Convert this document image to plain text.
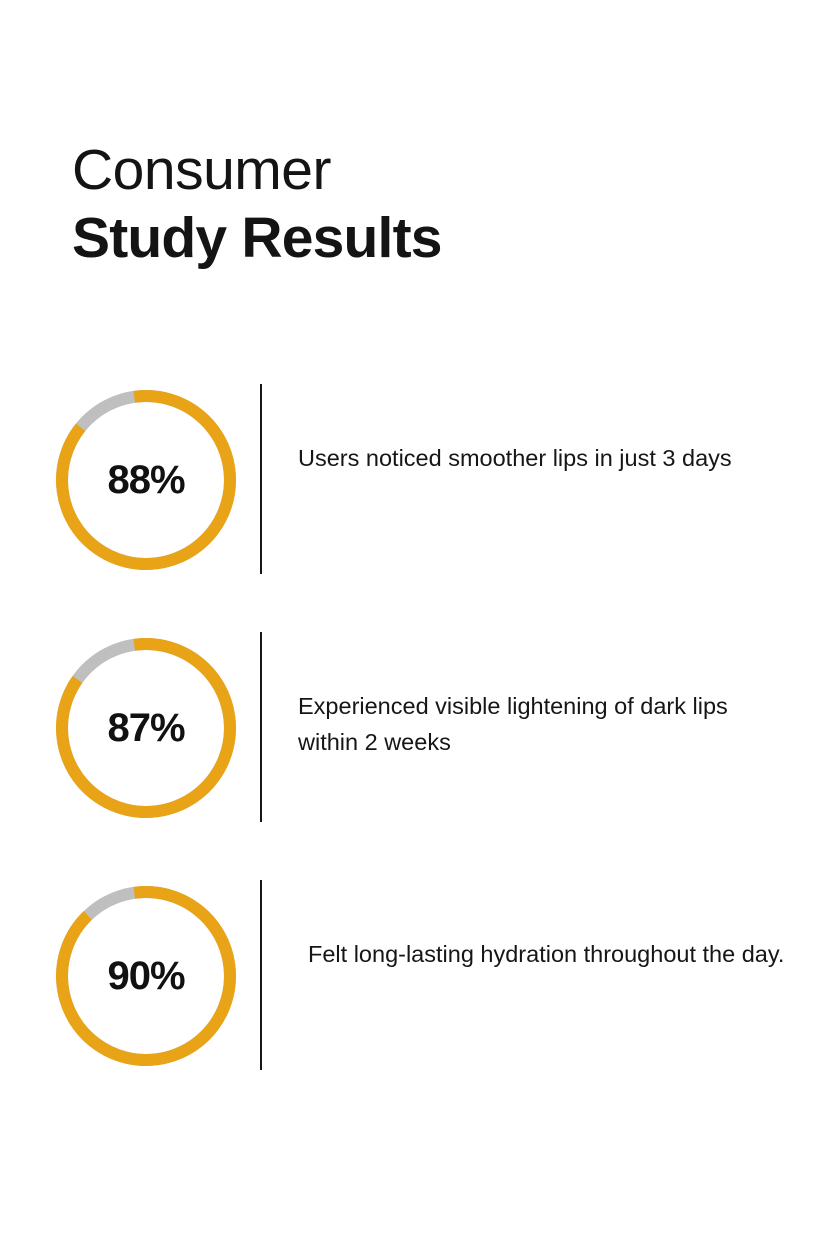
Consumer
Study Results
88%	Users noticed smoother lips in just 3 days
87%	Experienced visible lightening of dark lips within 2 weeks
90%	Felt long-lasting hydration throughout the day.
